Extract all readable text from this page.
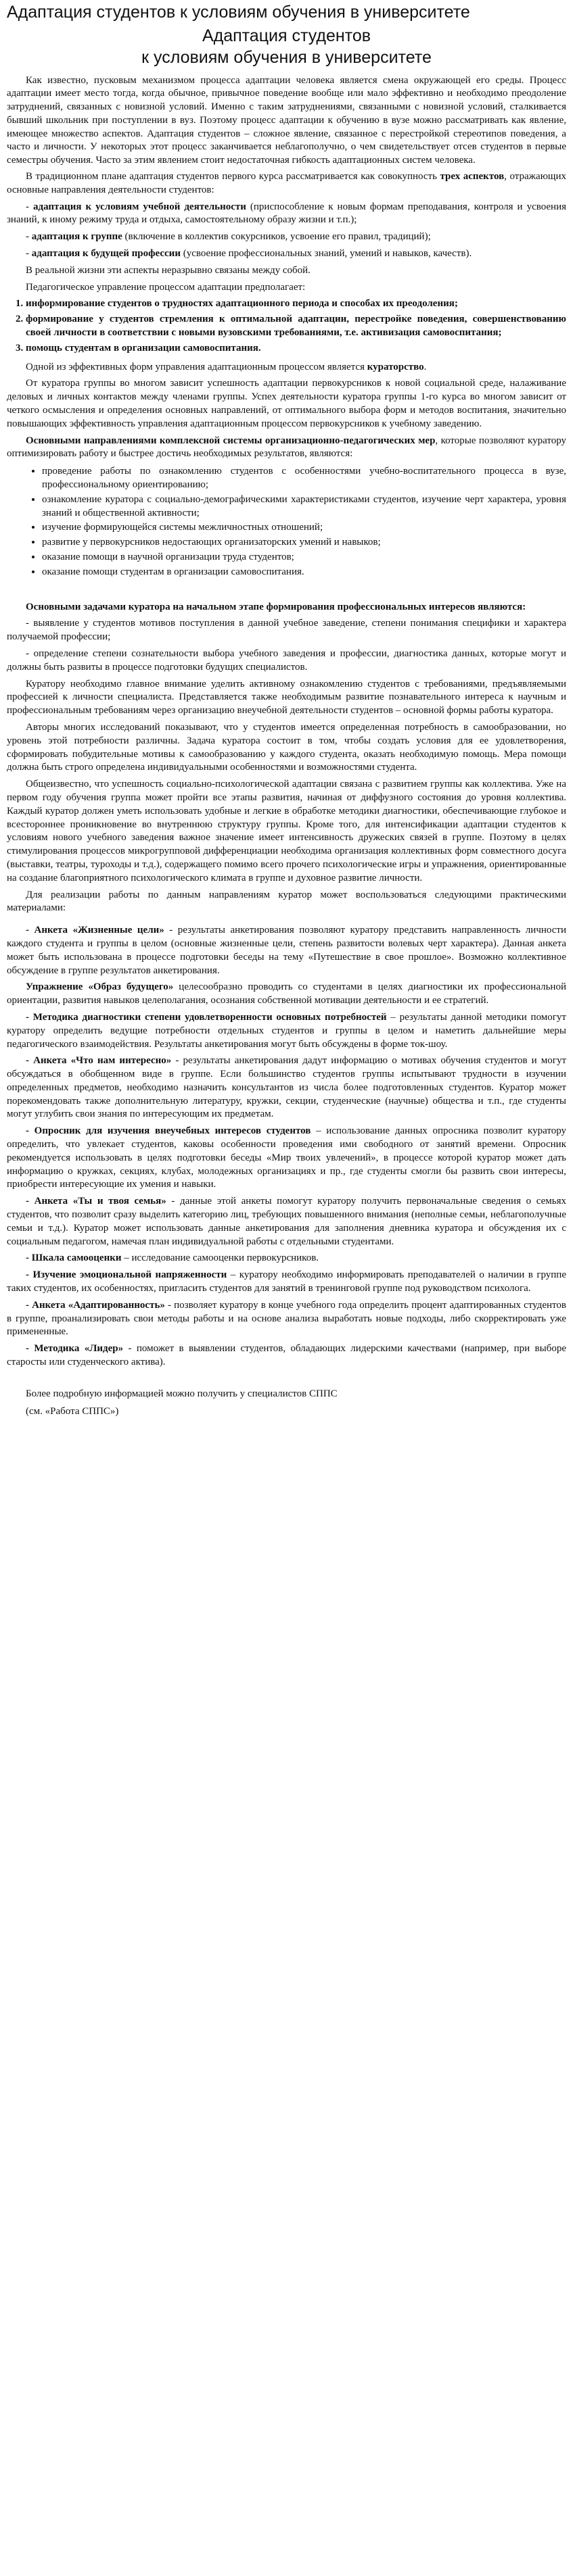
Адаптация студентов к условиям обучения в университете
Адаптация студентов
к условиям обучения в университете

Как известно, пусковым механизмом процесса адаптации человека является смена окружающей его среды. Процесс адаптации имеет место тогда, когда обычное, привычное поведение вообще или мало эффективно и необходимо преодоление затруднений, связанных с новизной условий. Именно с таким затруднениями, связанными с новизной условий, сталкивается бывший школьник при поступлении в вуз. Поэтому процесс адаптации к обучению в вузе можно рассматривать как явление, имеющее множество аспектов. Адаптация студентов – сложное явление, связанное с перестройкой стереотипов поведения, а часто и личности. У некоторых этот процесс заканчивается неблагополучно, о чем свидетельствует отсев студентов в первые семестры обучения. Часто за этим явлением стоит недостаточная гибкость адаптационных систем человека.

В традиционном плане адаптация студентов первого курса рассматривается как совокупность трех аспектов, отражающих основные направления деятельности студентов:

- адаптация к условиям учебной деятельности (приспособление к новым формам преподавания, контроля и усвоения знаний, к иному режиму труда и отдыха, самостоятельному образу жизни и т.п.);

- адаптация к группе (включение в коллектив сокурсников, усвоение его правил, традиций);

- адаптация к будущей профессии (усвоение профессиональных знаний, умений и навыков, качеств).

В реальной жизни эти аспекты неразрывно связаны между собой.

Педагогическое управление процессом адаптации предполагает:

1. информирование студентов о трудностях адаптационного периода и способах их преодоления;
2. формирование у студентов стремления к оптимальной адаптации, перестройке поведения, совершенствованию своей личности в соответствии с новыми вузовскими требованиями, т.е. активизация самовоспитания;
3. помощь студентам в организации самовоспитания.

Одной из эффективных форм управления адаптационным процессом является кураторство.

От куратора группы во многом зависит успешность адаптации первокурсников к новой социальной среде, налаживание деловых и личных контактов между членами группы. Успех деятельности куратора группы 1-го курса во многом зависит от четкого осмысления и определения основных направлений, от оптимального выбора форм и методов воспитания, значительно повышающих эффективность управления адаптационным процессом первокурсников к учебному заведению.

Основными направлениями комплексной системы организационно-педагогических мер, которые позволяют куратору оптимизировать работу и быстрее достичь необходимых результатов, являются:

• проведение работы по ознакомлению студентов с особенностями учебно-воспитательного процесса в вузе, профессиональному ориентированию;
• ознакомление куратора с социально-демографическими характеристиками студентов, изучение черт характера, уровня знаний и общественной активности;
• изучение формирующейся системы межличностных отношений;
• развитие у первокурсников недостающих организаторских умений и навыков;
• оказание помощи в научной организации труда студентов;
• оказание помощи студентам в организации самовоспитания.

Основными задачами куратора на начальном этапе формирования профессиональных интересов являются:

- выявление у студентов мотивов поступления в данной учебное заведение, степени понимания специфики и характера получаемой профессии;

- определение степени сознательности выбора учебного заведения и профессии, диагностика данных, которые могут и должны быть развиты в процессе подготовки будущих специалистов.

Куратору необходимо главное внимание уделить активному ознакомлению студентов с требованиями, предъявляемыми профессией к личности специалиста. Представляется также необходимым развитие познавательного интереса к научным и профессиональным требованиям через организацию внеучебной деятельности студентов – основной формы работы куратора.

Авторы многих исследований показывают, что у студентов имеется определенная потребность в самообразовании, но уровень этой потребности различны. Задача куратора состоит в том, чтобы создать условия для ее удовлетворения, сформировать побудительные мотивы к самообразованию у каждого студента, оказать необходимую помощь. Мера помощи должна быть строго определена индивидуальными особенностями и возможностями студента.

Общеизвестно, что успешность социально-психологической адаптации связана с развитием группы как коллектива. Уже на первом году обучения группа может пройти все этапы развития, начиная от диффузного состояния до уровня коллектива. Каждый куратор должен уметь использовать удобные и легкие в обработке методики диагностики, обеспечивающие глубокое и всестороннее проникновение во внутреннюю структуру группы. Кроме того, для интенсификации адаптации студентов к условиям нового учебного заведения важное значение имеет интенсивность дружеских связей в группе. Поэтому в целях стимулирования процессов микрогрупповой дифференциации необходима организация коллективных форм совместного досуга (выставки, театры, туроходы и т.д.), содержащего помимо всего прочего психологические игры и упражнения, ориентированные на создание благоприятного психологического климата в группе и духовное развитие личности.

Для реализации работы по данным направлениям куратор может воспользоваться следующими практическими материалами:

- Анкета «Жизненные цели» - результаты анкетирования позволяют куратору представить направленность личности каждого студента и группы в целом (основные жизненные цели, степень развитости волевых черт характера). Данная анкета может быть использована в процессе подготовки беседы на тему «Путешествие в свое прошлое». Возможно коллективное обсуждение в группе результатов анкетирования.

Упражнение «Образ будущего» целесообразно проводить со студентами в целях диагностики их профессиональной ориентации, развития навыков целеполагания, осознания собственной мотивации деятельности и ее стратегий.

- Методика диагностики степени удовлетворенности основных потребностей – результаты данной методики помогут куратору определить ведущие потребности отдельных студентов и группы в целом и наметить дальнейшие меры педагогического взаимодействия. Результаты анкетирования могут быть обсуждены в форме ток-шоу.

- Анкета «Что нам интересно» - результаты анкетирования дадут информацию о мотивах обучения студентов и могут обсуждаться в обобщенном виде в группе. Если большинство студентов группы испытывают трудности в изучении определенных предметов, необходимо назначить консультантов из числа более подготовленных студентов. Куратор может порекомендовать также дополнительную литературу, кружки, секции, студенческие (научные) общества и т.п., где студенты могут углубить свои знания по интересующим их предметам.

- Опросник для изучения внеучебных интересов студентов – использование данных опросника позволит куратору определить, что увлекает студентов, каковы особенности проведения ими свободного от занятий времени. Опросник рекомендуется использовать в целях подготовки беседы «Мир твоих увлечений», в процессе которой куратор может дать информацию о кружках, секциях, клубах, молодежных организациях и пр., где студенты смогли бы развить свои интересы, приобрести интересующие их умения и навыки.

- Анкета «Ты и твоя семья» - данные этой анкеты помогут куратору получить первоначальные сведения о семьях студентов, что позволит сразу выделить категорию лиц, требующих повышенного внимания (неполные семьи, неблагополучные семьи и т.д.). Куратор может использовать данные анкетирования для заполнения дневника куратора и обсуждения их с социальным педагогом, намечая план индивидуальной работы с отдельными студентами.

- Шкала самооценки – исследование самооценки первокурсников.

- Изучение эмоциональной напряженности – куратору необходимо информировать преподавателей о наличии в группе таких студентов, их особенностях, пригласить студентов для занятий в тренинговой группе под руководством психолога.

- Анкета «Адаптированность» - позволяет куратору в конце учебного года определить процент адаптированных студентов в группе, проанализировать свои методы работы и на основе анализа выработать новые подходы, либо скорректировать уже примененные.

- Методика «Лидер» - поможет в выявлении студентов, обладающих лидерскими качествами (например, при выборе старосты или студенческого актива).

Более подробную информацией можно получить у специалистов СППС

(см. «Работа СППС»)
